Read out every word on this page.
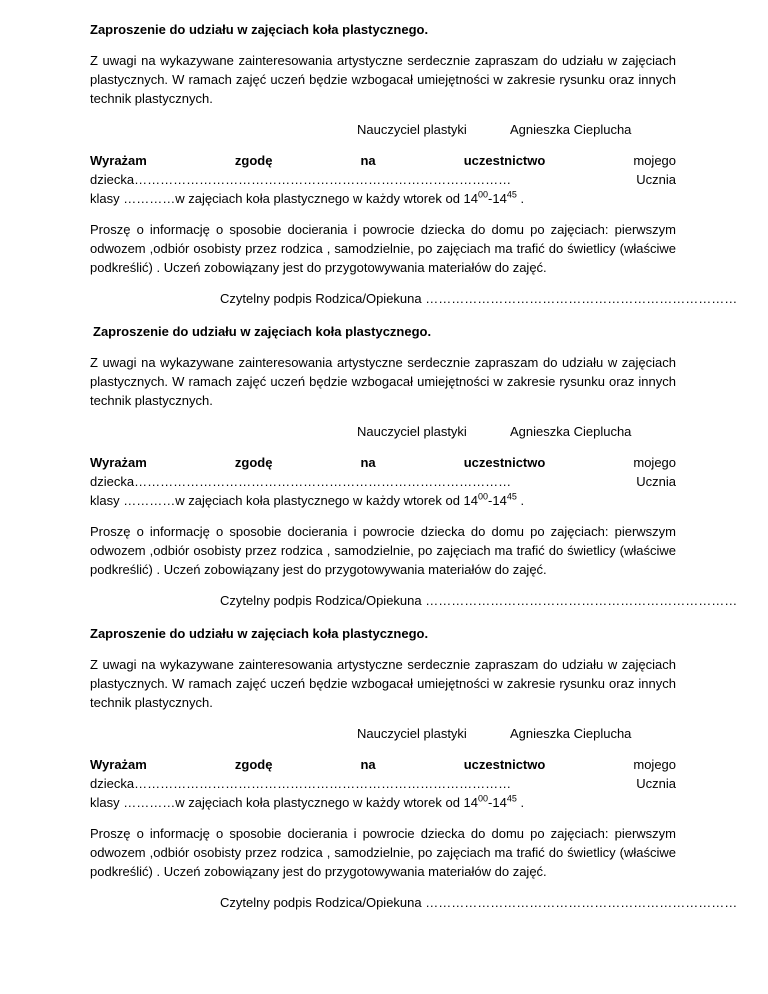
Zaproszenie do udziału w zajęciach koła plastycznego.

Z uwagi na wykazywane zainteresowania artystyczne serdecznie zapraszam do udziału w zajęciach plastycznych. W ramach zajęć uczeń będzie wzbogacał umiejętności w zakresie rysunku oraz innych technik plastycznych.

Nauczyciel plastyki	Agnieszka Cieplucha

Wyrażam zgodę na uczestnictwo mojego dziecka…………………………………………………………………………… Ucznia
klasy …………w zajęciach koła plastycznego w każdy wtorek od $14^{00}-14^{45}$ .

Proszę o informację o sposobie docierania i powrocie dziecka do domu po zajęciach: pierwszym odwozem ,odbiór osobisty przez rodzica , samodzielnie, po zajęciach ma trafić do świetlicy (właściwe podkreślić) . Uczeń zobowiązany jest do przygotowywania materiałów do zajęć.

Czytelny podpis Rodzica/Opiekuna ………………………………………………………………

Zaproszenie do udziału w zajęciach koła plastycznego.

Z uwagi na wykazywane zainteresowania artystyczne serdecznie zapraszam do udziału w zajęciach plastycznych. W ramach zajęć uczeń będzie wzbogacał umiejętności w zakresie rysunku oraz innych technik plastycznych.

Nauczyciel plastyki	Agnieszka Cieplucha

Wyrażam zgodę na uczestnictwo mojego dziecka…………………………………………………………………………… Ucznia
klasy …………w zajęciach koła plastycznego w każdy wtorek od $14^{00}-14^{45}$ .

Proszę o informację o sposobie docierania i powrocie dziecka do domu po zajęciach: pierwszym odwozem ,odbiór osobisty przez rodzica , samodzielnie, po zajęciach ma trafić do świetlicy (właściwe podkreślić) . Uczeń zobowiązany jest do przygotowywania materiałów do zajęć.

Czytelny podpis Rodzica/Opiekuna ………………………………………………………………

Zaproszenie do udziału w zajęciach koła plastycznego.

Z uwagi na wykazywane zainteresowania artystyczne serdecznie zapraszam do udziału w zajęciach plastycznych. W ramach zajęć uczeń będzie wzbogacał umiejętności w zakresie rysunku oraz innych technik plastycznych.

Nauczyciel plastyki	Agnieszka Cieplucha

Wyrażam zgodę na uczestnictwo mojego dziecka…………………………………………………………………………… Ucznia
klasy …………w zajęciach koła plastycznego w każdy wtorek od $14^{00}-14^{45}$ .

Proszę o informację o sposobie docierania i powrocie dziecka do domu po zajęciach: pierwszym odwozem ,odbiór osobisty przez rodzica , samodzielnie, po zajęciach ma trafić do świetlicy (właściwe podkreślić) . Uczeń zobowiązany jest do przygotowywania materiałów do zajęć.

Czytelny podpis Rodzica/Opiekuna ………………………………………………………………
